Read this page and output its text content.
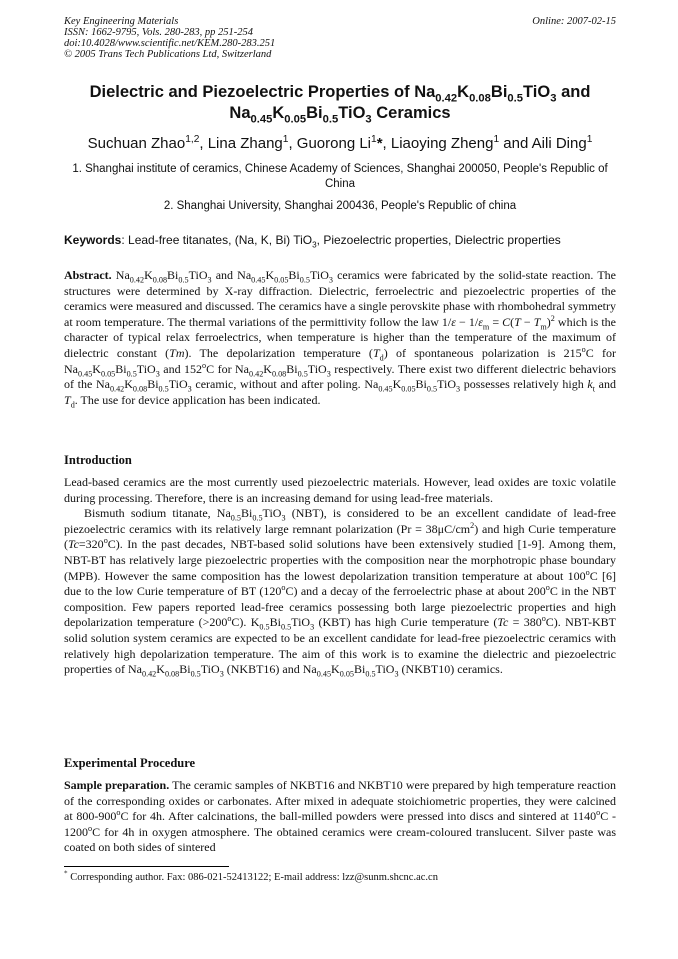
Key Engineering Materials
ISSN: 1662-9795, Vols. 280-283, pp 251-254
doi:10.4028/www.scientific.net/KEM.280-283.251
© 2005 Trans Tech Publications Ltd, Switzerland
Online: 2007-02-15
Dielectric and Piezoelectric Properties of $Na_{0.42}K_{0.08}Bi_{0.5}TiO_3$ and
$Na_{0.45}K_{0.05}Bi_{0.5}TiO_3$ Ceramics
Suchuan Zhao$^{1,2}$, Lina Zhang$^1$, Guorong Li$^1$*, Liaoying Zheng$^1$ and Aili Ding$^1$
1. Shanghai institute of ceramics, Chinese Academy of Sciences, Shanghai 200050, People's Republic of China
2. Shanghai University, Shanghai 200436, People's Republic of china
Keywords: Lead-free titanates, (Na, K, Bi) TiO$_3$, Piezoelectric properties, Dielectric properties

Abstract. $Na_{0.42}K_{0.08}Bi_{0.5}TiO_3$ and $Na_{0.45}K_{0.05}Bi_{0.5}TiO_3$ ceramics were fabricated by the solid-state reaction. The structures were determined by X-ray diffraction. Dielectric, ferroelectric and piezoelectric properties of the ceramics were measured and discussed. The ceramics have a single perovskite phase with rhombohedral symmetry at room temperature. The thermal variations of the permittivity follow the law $1/\varepsilon - 1/\varepsilon_m = C(T - T_m)^2$ which is the character of typical relax ferroelectrics, when temperature is higher than the temperature of the maximum of dielectric constant (Tm). The depolarization temperature $(T_d)$ of spontaneous polarization is 215$^o$C for $Na_{0.45}K_{0.05}Bi_{0.5}TiO_3$ and 152$^o$C for $Na_{0.42}K_{0.08}Bi_{0.5}TiO_3$ respectively. There exist two different dielectric behaviors of the $Na_{0.42}K_{0.08}Bi_{0.5}TiO_3$ ceramic, without and after poling. $Na_{0.45}K_{0.05}Bi_{0.5}TiO_3$ possesses relatively high $k_t$ and $T_d$. The use for device application has been indicated.

Introduction

Lead-based ceramics are the most currently used piezoelectric materials. However, lead oxides are toxic volatile during processing. Therefore, there is an increasing demand for using lead-free materials.

Bismuth sodium titanate, $Na_{0.5}Bi_{0.5}TiO_3$ (NBT), is considered to be an excellent candidate of lead-free piezoelectric ceramics with its relatively large remnant polarization $(Pr = 38\mu C/cm^2)$ and high Curie temperature $(Tc=320^oC)$. In the past decades, NBT-based solid solutions have been extensively studied [1-9]. Among them, NBT-BT has relatively large piezoelectric properties with the composition near the morphotropic phase boundary (MPB). However the same composition has the lowest depolarization transition temperature at about 100$^o$C [6] due to the low Curie temperature of BT (120$^o$C) and a decay of the ferroelectric phase at about 200$^o$C in the NBT composition. Few papers reported lead-free ceramics possessing both large piezoelectric properties and high depolarization temperature $(>200^oC)$. $K_{0.5}Bi_{0.5}TiO_3$ (KBT) has high Curie temperature $(Tc = 380^oC)$. NBT-KBT solid solution system ceramics are expected to be an excellent candidate for lead-free piezoelectric ceramics with relatively high depolarization temperature. The aim of this work is to examine the dielectric and piezoelectric properties of $Na_{0.42}K_{0.08}Bi_{0.5}TiO_3$ (NKBT16) and $Na_{0.45}K_{0.05}Bi_{0.5}TiO_3$ (NKBT10) ceramics.

Experimental Procedure

Sample preparation. The ceramic samples of NKBT16 and NKBT10 were prepared by high temperature reaction of the corresponding oxides or carbonates. After mixed in adequate stoichiometric properties, they were calcined at 800-900$^o$C for 4h. After calcinations, the ball-milled powders were pressed into discs and sintered at 1140$^o$C - 1200$^o$C for 4h in oxygen atmosphere. The obtained ceramics were cream-coloured translucent. Silver paste was coated on both sides of sintered

* Corresponding author. Fax: 086-021-52413122; E-mail address: lzz@sunm.shcnc.ac.cn
